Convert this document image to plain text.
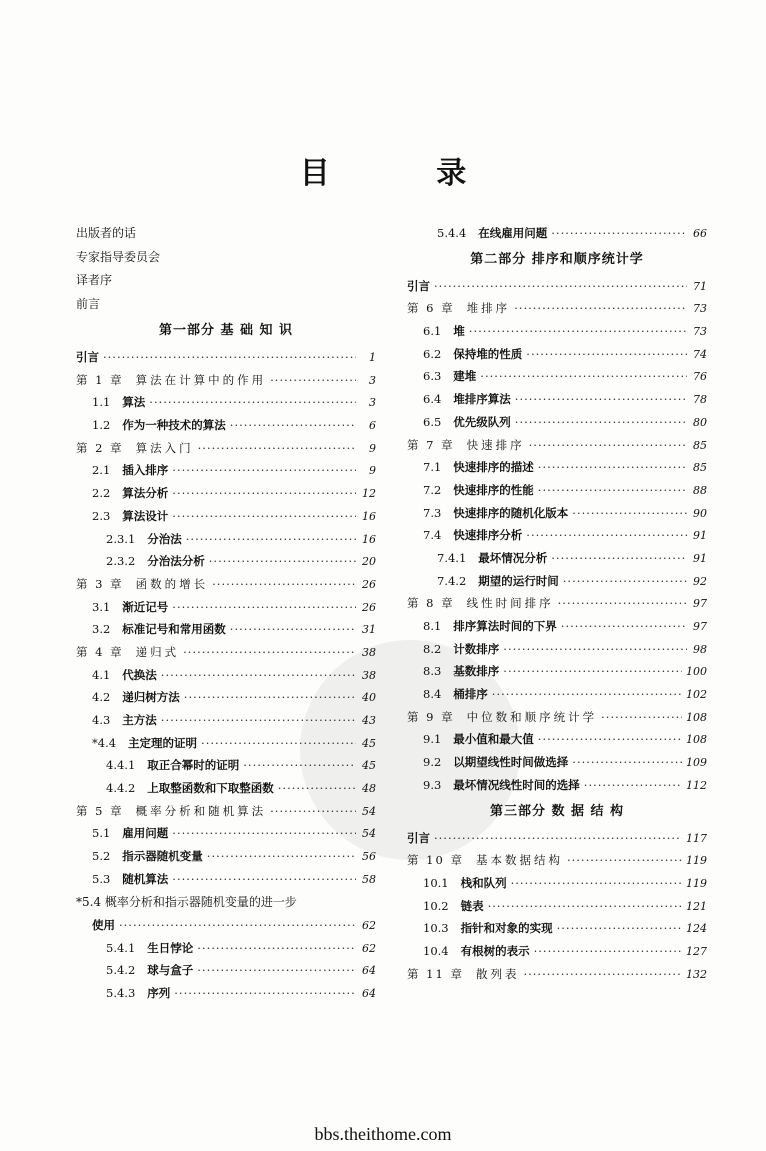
目 录
出版者的话
专家指导委员会
译者序
前言
第一部分 基 础 知 识
引言 ·····	1
第 1 章 算法在计算中的作用 ·····	3
1.1 算法 ·····	3
1.2 作为一种技术的算法 ·····	6
第 2 章 算法入门 ·····	9
2.1 插入排序 ·····	9
2.2 算法分析 ·····	12
2.3 算法设计 ·····	16
2.3.1 分治法 ·····	16
2.3.2 分治法分析 ·····	20
第 3 章 函数的增长 ·····	26
3.1 渐近记号 ·····	26
3.2 标准记号和常用函数 ·····	31
第 4 章 递归式 ·····	38
4.1 代换法 ·····	38
4.2 递归树方法 ·····	40
4.3 主方法 ·····	43
*4.4 主定理的证明 ·····	45
4.4.1 取正合幂时的证明 ·····	45
4.4.2 上取整函数和下取整函数 ·····	48
第 5 章 概率分析和随机算法 ·····	54
5.1 雇用问题 ·····	54
5.2 指示器随机变量 ·····	56
5.3 随机算法 ·····	58
*5.4 概率分析和指示器随机变量的进一步
使用 ·····	62
5.4.1 生日悖论 ·····	62
5.4.2 球与盒子 ·····	64
5.4.3 序列 ·····	64
5.4.4 在线雇用问题 ·····	66
第二部分 排序和顺序统计学
引言 ·····	71
第 6 章 堆排序 ·····	73
6.1 堆 ·····	73
6.2 保持堆的性质 ·····	74
6.3 建堆 ·····	76
6.4 堆排序算法 ·····	78
6.5 优先级队列 ·····	80
第 7 章 快速排序 ·····	85
7.1 快速排序的描述 ·····	85
7.2 快速排序的性能 ·····	88
7.3 快速排序的随机化版本 ·····	90
7.4 快速排序分析 ·····	91
7.4.1 最坏情况分析 ·····	91
7.4.2 期望的运行时间 ·····	92
第 8 章 线性时间排序 ·····	97
8.1 排序算法时间的下界 ·····	97
8.2 计数排序 ·····	98
8.3 基数排序 ·····	100
8.4 桶排序 ·····	102
第 9 章 中位数和顺序统计学 ·····	108
9.1 最小值和最大值 ·····	108
9.2 以期望线性时间做选择 ·····	109
9.3 最坏情况线性时间的选择 ·····	112
第三部分 数 据 结 构
引言 ·····	117
第 10 章 基本数据结构 ·····	119
10.1 栈和队列 ·····	119
10.2 链表 ·····	121
10.3 指针和对象的实现 ·····	124
10.4 有根树的表示 ·····	127
第 11 章 散列表 ·····	132
bbs.theithome.com
